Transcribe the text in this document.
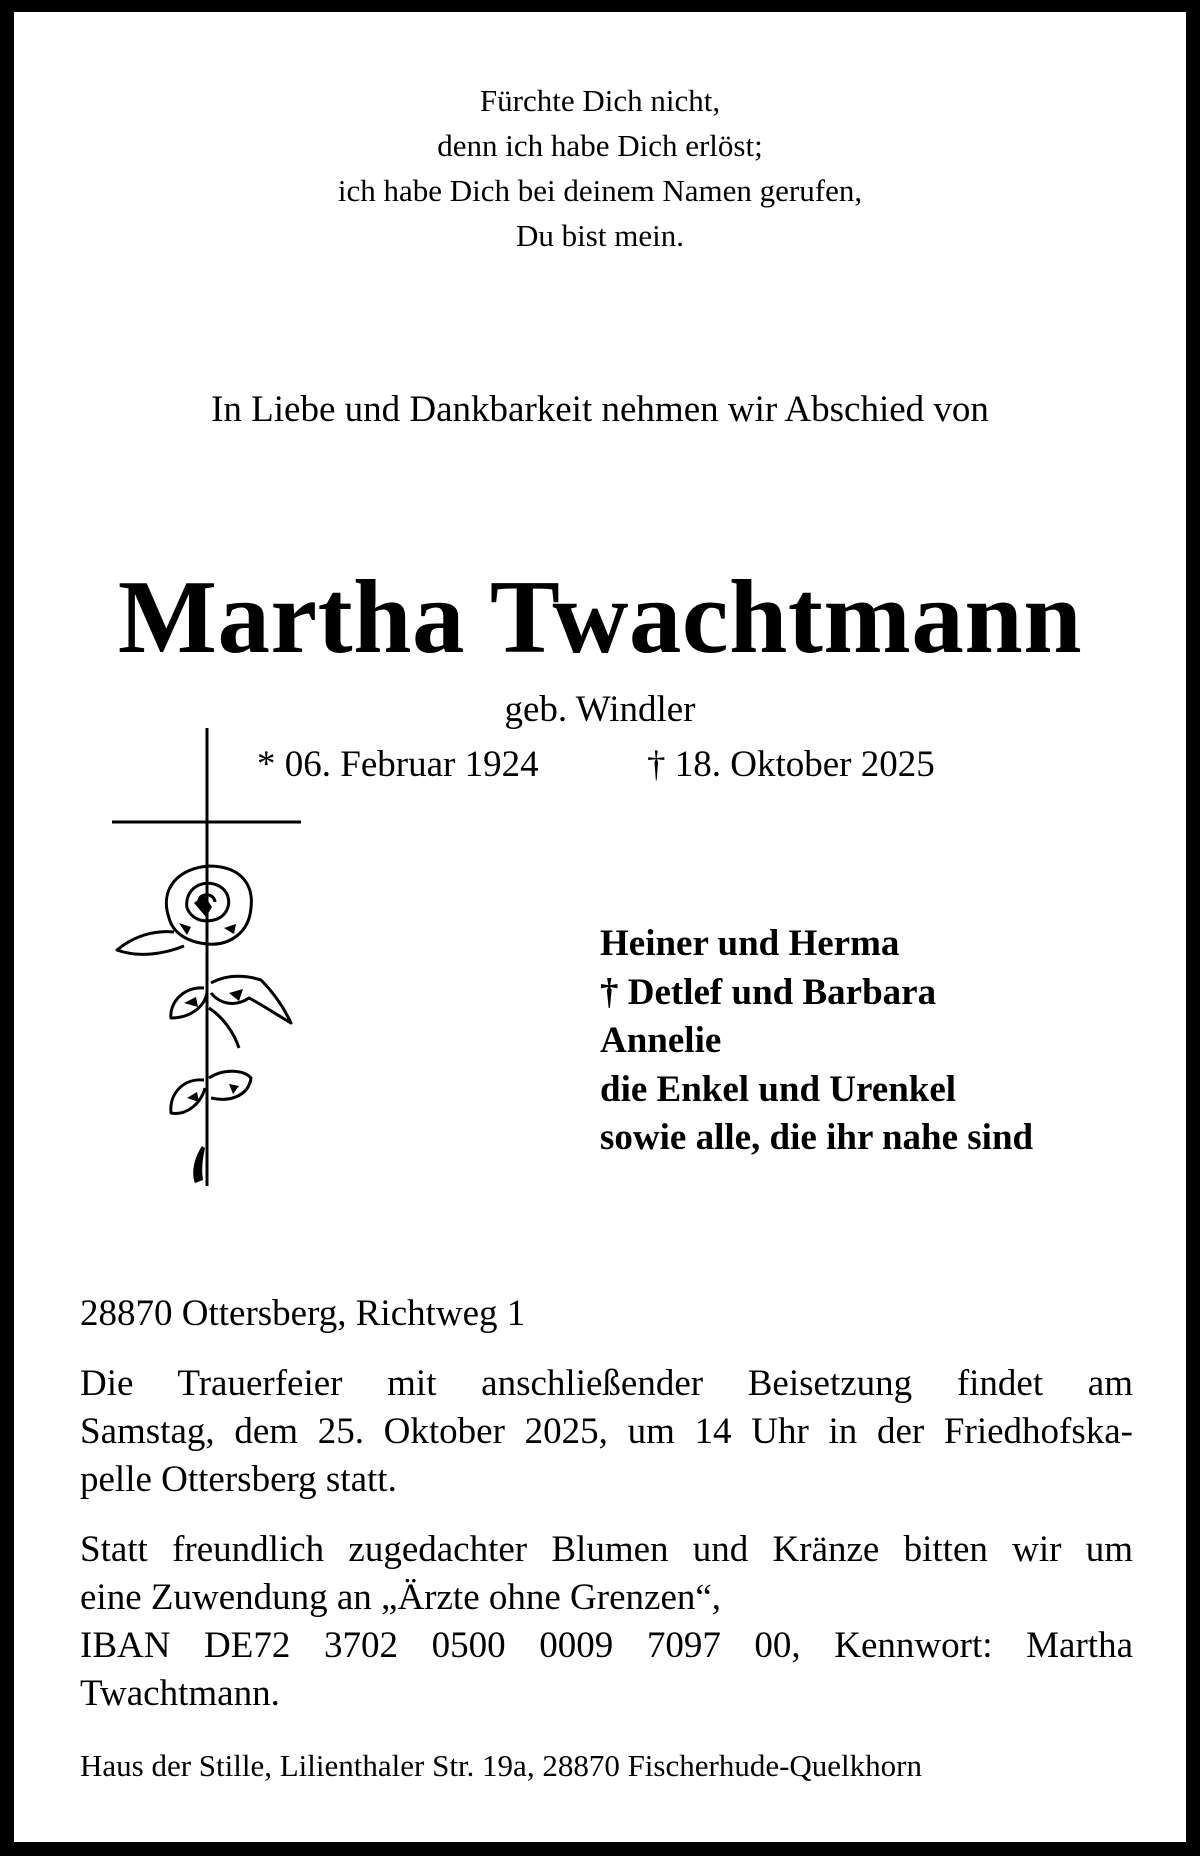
Fürchte Dich nicht,
denn ich habe Dich erlöst;
ich habe Dich bei deinem Namen gerufen,
Du bist mein.
In Liebe und Dankbarkeit nehmen wir Abschied von
Martha Twachtmann
geb. Windler
* 06. Februar 1924	† 18. Oktober 2025
Heiner und Herma
† Detlef und Barbara
Annelie
die Enkel und Urenkel
sowie alle, die ihr nahe sind
28870 Ottersberg, Richtweg 1
Die Trauerfeier mit anschließender Beisetzung findet am
Samstag, dem 25. Oktober 2025, um 14 Uhr in der Friedhofska-
pelle Ottersberg statt.
Statt freundlich zugedachter Blumen und Kränze bitten wir um
eine Zuwendung an „Ärzte ohne Grenzen“,
IBAN DE72 3702 0500 0009 7097 00, Kennwort: Martha
Twachtmann.
Haus der Stille, Lilienthaler Str. 19a, 28870 Fischerhude-Quelkhorn
